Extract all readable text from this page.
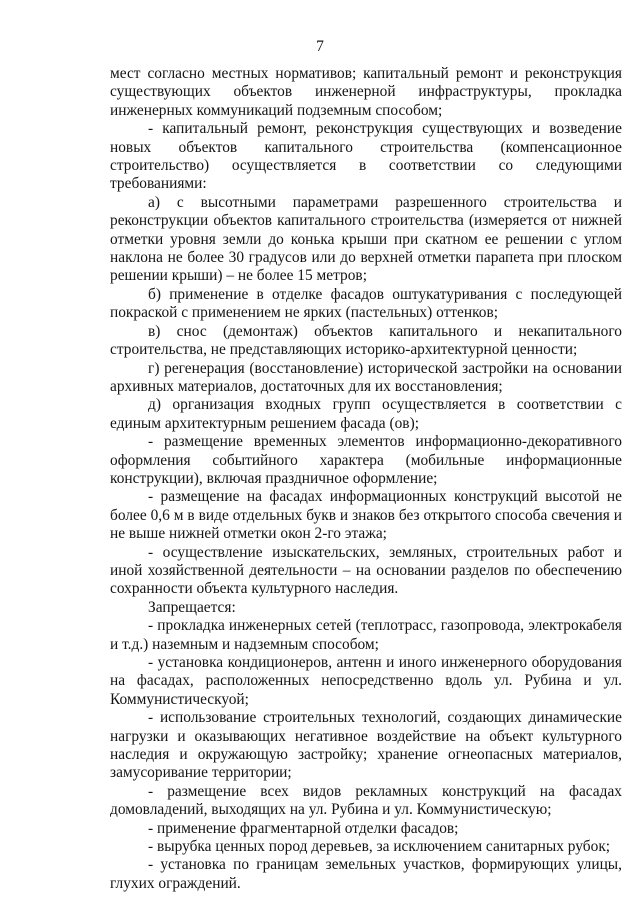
7

мест согласно местных нормативов; капитальный ремонт и реконструкция существующих объектов инженерной инфраструктуры, прокладка инженерных коммуникаций подземным способом;

- капитальный ремонт, реконструкция существующих и возведение новых объектов капитального строительства (компенсационное строительство) осуществляется в соответствии со следующими требованиями:

а) с высотными параметрами разрешенного строительства и реконструкции объектов капитального строительства (измеряется от нижней отметки уровня земли до конька крыши при скатном ее решении с углом наклона не более 30 градусов или до верхней отметки парапета при плоском решении крыши) – не более 15 метров;

б) применение в отделке фасадов оштукатуривания с последующей покраской с применением не ярких (пастельных) оттенков;

в) снос (демонтаж) объектов капитального и некапитального строительства, не представляющих историко-архитектурной ценности;

г) регенерация (восстановление) исторической застройки на основании архивных материалов, достаточных для их восстановления;

д) организация входных групп осуществляется в соответствии с единым архитектурным решением фасада (ов);

- размещение временных элементов информационно-декоративного оформления событийного характера (мобильные информационные конструкции), включая праздничное оформление;

- размещение на фасадах информационных конструкций высотой не более 0,6 м в виде отдельных букв и знаков без открытого способа свечения и не выше нижней отметки окон 2-го этажа;

- осуществление изыскательских, земляных, строительных работ и иной хозяйственной деятельности – на основании разделов по обеспечению сохранности объекта культурного наследия.

Запрещается:

- прокладка инженерных сетей (теплотрасс, газопровода, электрокабеля и т.д.) наземным и надземным способом;

- установка кондиционеров, антенн и иного инженерного оборудования на фасадах, расположенных непосредственно вдоль ул. Рубина и ул. Коммунистическуой;

- использование строительных технологий, создающих динамические нагрузки и оказывающих негативное воздействие на объект культурного наследия и окружающую застройку; хранение огнеопасных материалов, замусоривание территории;

- размещение всех видов рекламных конструкций на фасадах домовладений, выходящих на ул. Рубина и ул. Коммунистическую;

- применение фрагментарной отделки фасадов;

- вырубка ценных пород деревьев, за исключением санитарных рубок;

- установка по границам земельных участков, формирующих улицы, глухих ограждений.
